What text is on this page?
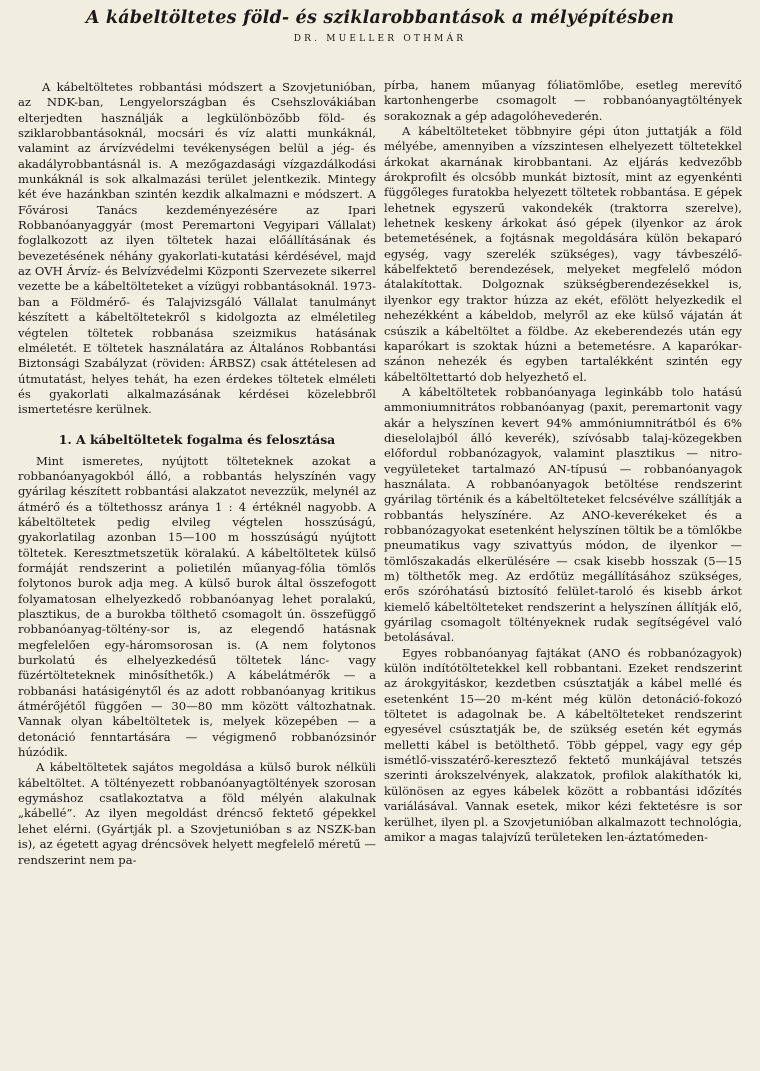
A kábeltöltetes föld- és sziklarobbantások a mélyépítésben
DR. MUELLER OTHMÁR

A kábeltöltetes robbantási módszert a Szovjetunióban, az NDK-ban, Lengyelországban és Csehszlovákiában elterjedten használják a legkülönbözőbb föld- és sziklarobbantásoknál, mocsári és víz alatti munkáknál, valamint az árvízvédelmi tevékenységen belül a jég- és akadályrobbantásnál is. A mezőgazdasági vízgazdálkodási munkáknál is sok alkalmazási terület jelentkezik. Mintegy két éve hazánkban szintén kezdik alkalmazni e módszert. A Fővárosi Tanács kezdeményezésére az Ipari Robbanóanyaggyár (most Peremartoni Vegyipari Vállalat) foglalkozott az ilyen töltetek hazai előállításának és bevezetésének néhány gyakorlati-kutatási kérdésével, majd az OVH Árvíz- és Belvízvédelmi Központi Szervezete sikerrel vezette be a kábeltölteteket a vízügyi robbantásoknál. 1973-ban a Földmérő- és Talajvizsgáló Vállalat tanulmányt készített a kábeltöltetekről s kidolgozta az elméletileg végtelen töltetek robbanása szeizmikus hatásának elméletét. E töltetek használatára az Általános Robbantási Biztonsági Szabályzat (röviden: ÁRBSZ) csak áttételesen ad útmutatást, helyes tehát, ha ezen érdekes töltetek elméleti és gyakorlati alkalmazásának kérdései közelebbről ismertetésre kerülnek.

1. A kábeltöltetek fogalma és felosztása

Mint ismeretes, nyújtott tölteteknek azokat a robbanóanyagokból álló, a robbantás helyszínén vagy gyárilag készített robbantási alakzatot nevezzük, melynél az átmérő és a töltethossz aránya 1 : 4 értéknél nagyobb. A kábeltöltetek pedig elvileg végtelen hosszúságú, gyakorlatilag azonban 15—100 m hosszúságú nyújtott töltetek. Keresztmetszetük köralakú. A kábeltöltetek külső formáját rendszerint a polietilén műanyag-fólia tömlős folytonos burok adja meg. A külső burok által összefogott folyamatosan elhelyezkedő robbanóanyag lehet poralakú, plasztikus, de a burokba tölthető csomagolt ún. összefüggő robbanóanyag-töltény-sor is, az elegendő hatásnak megfelelően egy-háromsorosan is. (A nem folytonos burkolatú és elhelyezkedésű töltetek lánc- vagy füzértölteteknek minősíthetők.) A kábelátmérők — a robbanási hatásigénytől és az adott robbanóanyag kritikus átmérőjétől függően — 30—80 mm között változhatnak. Vannak olyan kábeltöltetek is, melyek közepében — a detonáció fenntartására — végigmenő robbanózsinór húzódik.

A kábeltöltetek sajátos megoldása a külső burok nélküli kábeltöltet. A töltényezett robbanóanyagtöltények szorosan egymáshoz csatlakoztatva a föld mélyén alakulnak „kábellé”. Az ilyen megoldást dréncső fektető gépekkel lehet elérni. (Gyártják pl. a Szovjetunióban s az NSZK-ban is), az égetett agyag dréncsövek helyett megfelelő méretű — rendszerint nem pa-

pírba, hanem műanyag fóliatömlőbe, esetleg merevítő kartonhengerbe csomagolt — robbanóanyagtöltények sorakoznak a gép adagolóhevederén.

A kábeltölteteket többnyire gépi úton juttatják a föld mélyébe, amennyiben a vízszintesen elhelyezett töltetekkel árkokat akarnának kirobbantani. Az eljárás kedvezőbb árokprofilt és olcsóbb munkát biztosít, mint az egyenkénti függőleges furatokba helyezett töltetek robbantása. E gépek lehetnek egyszerű vakondekék (traktorra szerelve), lehetnek keskeny árkokat ásó gépek (ilyenkor az árok betemetésének, a fojtásnak megoldására külön bekaparó egység, vagy szerelék szükséges), vagy távbeszélő-kábelfektető berendezések, melyeket megfelelő módon átalakítottak. Dolgoznak szükségberendezésekkel is, ilyenkor egy traktor húzza az ekét, efölött helyezkedik el nehezékként a kábeldob, melyről az eke külső vájatán át csúszik a kábeltöltet a földbe. Az ekeberendezés után egy kaparókart is szoktak húzni a betemetésre. A kaparókar-szánon nehezék és egyben tartalékként szintén egy kábeltöltettartó dob helyezhető el.

A kábeltöltetek robbanóanyaga leginkább tolo hatású ammoniumnitrátos robbanóanyag (paxit, peremartonit vagy akár a helyszínen kevert 94% ammóniumnitrátból és 6% dieselolajból álló keverék), szívósabb talaj-közegekben előfordul robbanózagyok, valamint plasztikus — nitro-vegyületeket tartalmazó AN-típusú — robbanóanyagok használata. A robbanóanyagok betöltése rendszerint gyárilag történik és a kábeltölteteket felcsévélve szállítják a robbantás helyszínére. Az ANO-keverékeket és a robbanózagyokat esetenként helyszínen töltik be a tömlőkbe pneumatikus vagy szivattyús módon, de ilyenkor — tömlőszakadás elkerülésére — csak kisebb hosszak (5—15 m) tölthetők meg. Az erdőtüz megállításához szükséges, erős szóróhatású biztosító felület-taroló és kisebb árkot kiemelő kábeltölteteket rendszerint a helyszínen állítják elő, gyárilag csomagolt töltényeknek rudak segítségével való betolásával.

Egyes robbanóanyag fajtákat (ANO és robbanózagyok) külön indítótöltetekkel kell robbantani. Ezeket rendszerint az árokgyitáskor, kezdetben csúsztatják a kábel mellé és esetenként 15—20 m-ként még külön detonáció-fokozó töltetet is adagolnak be. A kábeltölteteket rendszerint egyesével csúsztatják be, de szükség esetén két egymás melletti kábel is betölthető. Több géppel, vagy egy gép ismétlő-visszatérő-keresztező fektető munkájával tetszés szerinti árokszelvények, alakzatok, profilok alakíthatók ki, különösen az egyes kábelek között a robbantási időzítés variálásával. Vannak esetek, mikor kézi fektetésre is sor kerülhet, ilyen pl. a Szovjetunióban alkalmazott technológia, amikor a magas talajvízű területeken len-áztatómeden-
